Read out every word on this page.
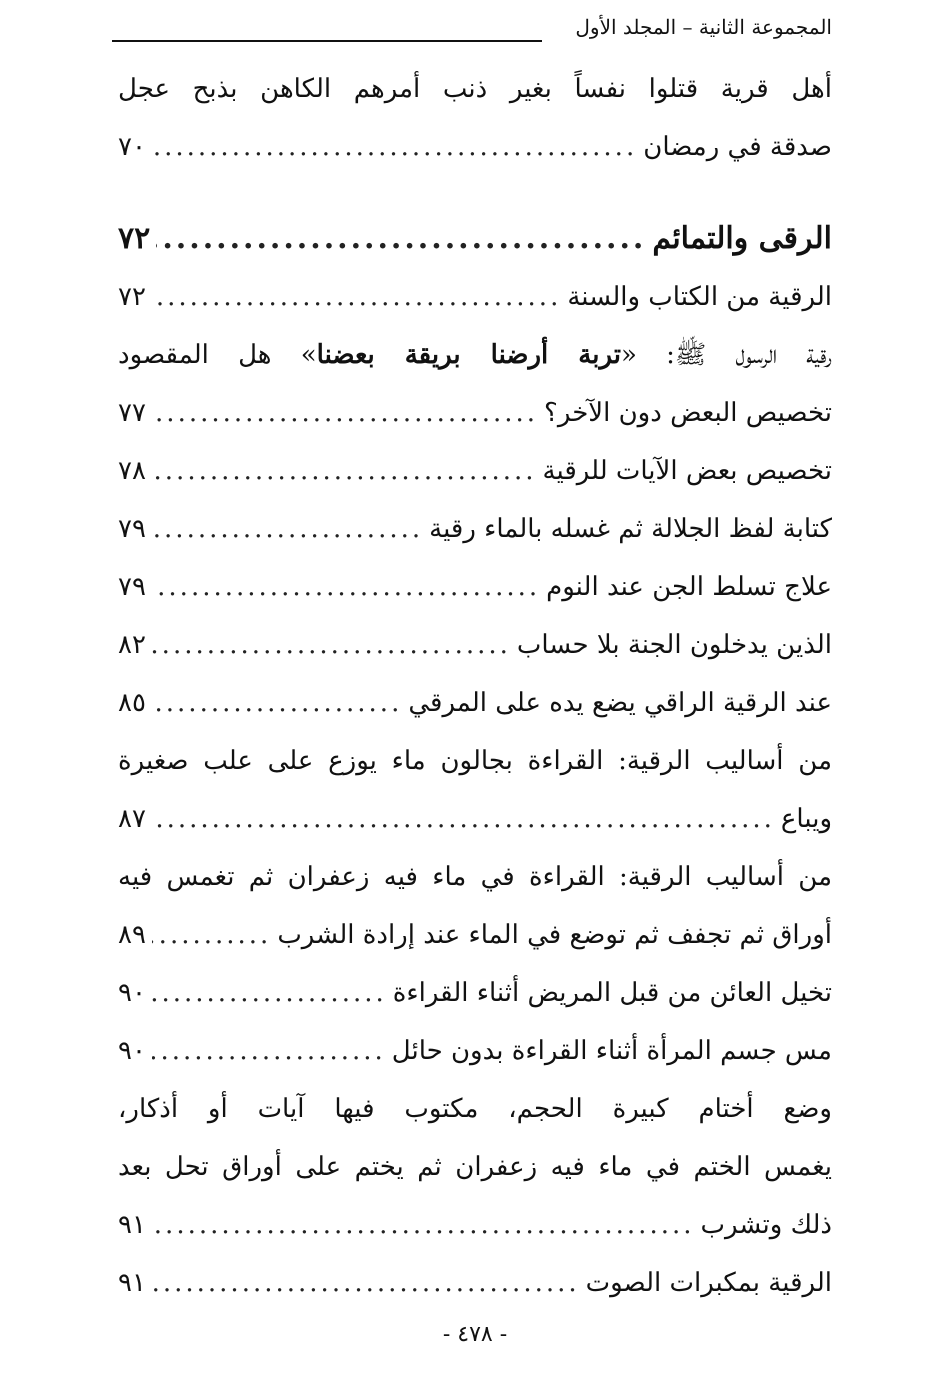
المجموعة الثانية – المجلد الأول
أهل قرية قتلوا نفساً بغير ذنب أمرهم الكاهن بذبح عجل
صدقة في رمضان
.....
٧٠
الرقى والتمائم
.....
٧٢
الرقية من الكتاب والسنة
.....
٧٢
رقية الرسول ﷺ: «تربة أرضنا بريقة بعضنا» هل المقصود
تخصيص البعض دون الآخر؟
.....
٧٧
تخصيص بعض الآيات للرقية
.....
٧٨
كتابة لفظ الجلالة ثم غسله بالماء رقية
.....
٧٩
علاج تسلط الجن عند النوم
.....
٧٩
الذين يدخلون الجنة بلا حساب
.....
٨٢
عند الرقية الراقي يضع يده على المرقي
.....
٨٥
من أساليب الرقية: القراءة بجالون ماء يوزع على علب صغيرة
ويباع
.....
٨٧
من أساليب الرقية: القراءة في ماء فيه زعفران ثم تغمس فيه
أوراق ثم تجفف ثم توضع في الماء عند إرادة الشرب
.....
٨٩
تخيل العائن من قبل المريض أثناء القراءة
.....
٩٠
مس جسم المرأة أثناء القراءة بدون حائل
.....
٩٠
وضع أختام كبيرة الحجم، مكتوب فيها آيات أو أذكار،
يغمس الختم في ماء فيه زعفران ثم يختم على أوراق تحل بعد
ذلك وتشرب
.....
٩١
الرقية بمكبرات الصوت
.....
٩١
- ٤٧٨ -
